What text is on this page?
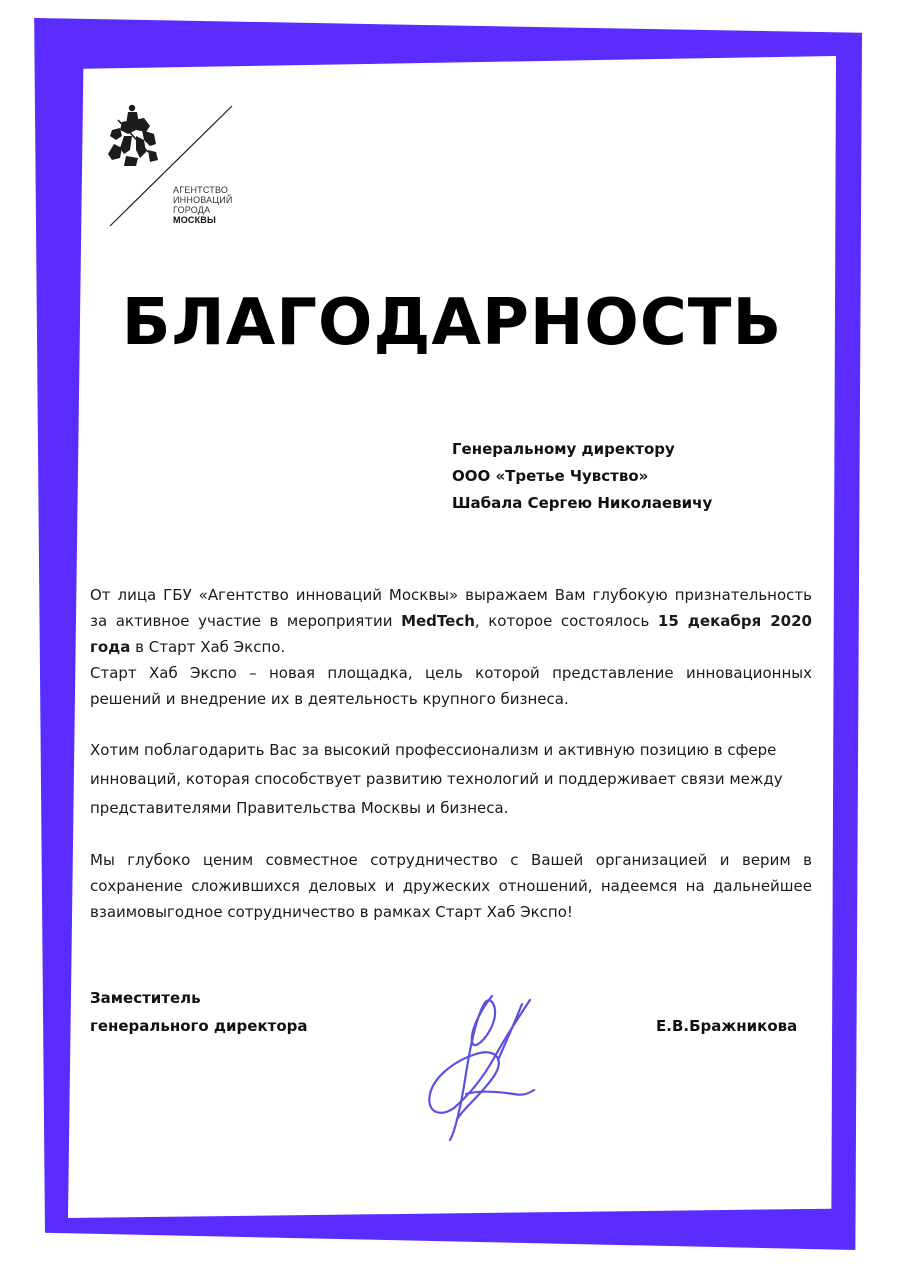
АГЕНТСТВО
ИННОВАЦИЙ
ГОРОДА
МОСКВЫ
БЛАГОДАРНОСТЬ
Генеральному директору
ООО «Третье Чувство»
Шабала Сергею Николаевичу
От лица ГБУ «Агентство инноваций Москвы» выражаем Вам глубокую признательность за активное участие в мероприятии MedTech, которое состоялось 15 декабря 2020 года в Старт Хаб Экспо.
Старт Хаб Экспо – новая площадка, цель которой представление инновационных решений и внедрение их в деятельность крупного бизнеса.
Хотим поблагодарить Вас за высокий профессионализм и активную позицию в сфере инноваций, которая способствует развитию технологий и поддерживает связи между представителями Правительства Москвы и бизнеса.
Мы глубоко ценим совместное сотрудничество с Вашей организацией и верим в сохранение сложившихся деловых и дружеских отношений, надеемся на дальнейшее взаимовыгодное сотрудничество в рамках Старт Хаб Экспо!
Заместитель
генерального директора	Е.В.Бражникова
